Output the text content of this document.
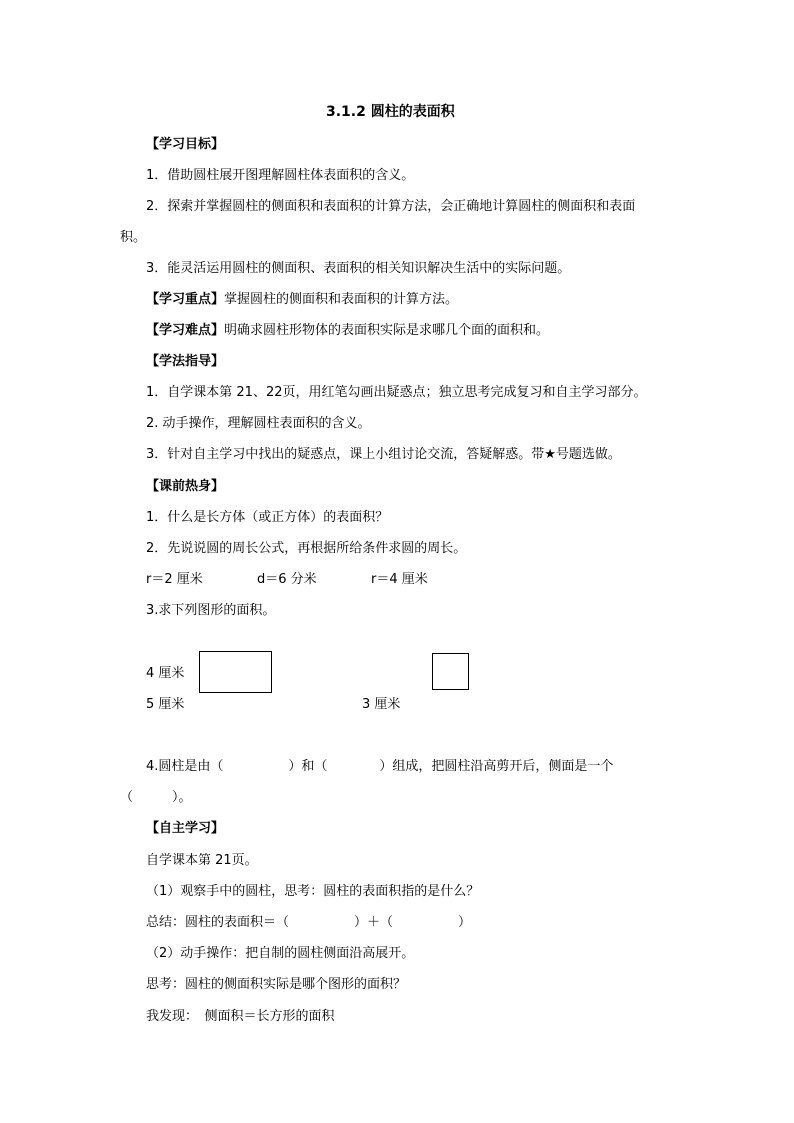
3.1.2 圆柱的表面积
【学习目标】
1．借助圆柱展开图理解圆柱体表面积的含义。
2．探索并掌握圆柱的侧面积和表面积的计算方法，会正确地计算圆柱的侧面积和表面
积。
3．能灵活运用圆柱的侧面积、表面积的相关知识解决生活中的实际问题。
【学习重点】掌握圆柱的侧面积和表面积的计算方法。
【学习难点】明确求圆柱形物体的表面积实际是求哪几个面的面积和。
【学法指导】
1．自学课本第 21、22页，用红笔勾画出疑惑点；独立思考完成复习和自主学习部分。
2. 动手操作，理解圆柱表面积的含义。
3．针对自主学习中找出的疑惑点，课上小组讨论交流，答疑解惑。带★号题选做。
【课前热身】
1．什么是长方体（或正方体）的表面积？
2．先说说圆的周长公式，再根据所给条件求圆的周长。
r＝2 厘米	d＝6 分米	r＝4 厘米
3.求下列图形的面积。
4 厘米
5 厘米	3 厘米
4.圆柱是由（　　　　　）和（　　　　）组成，把圆柱沿高剪开后，侧面是一个
（　　　）。
【自主学习】
自学课本第 21页。
（1）观察手中的圆柱，思考：圆柱的表面积指的是什么？
总结：圆柱的表面积＝（　　　　　）＋（　　　　　）
（2）动手操作：把自制的圆柱侧面沿高展开。
思考：圆柱的侧面积实际是哪个图形的面积？
我发现：　侧面积＝长方形的面积
